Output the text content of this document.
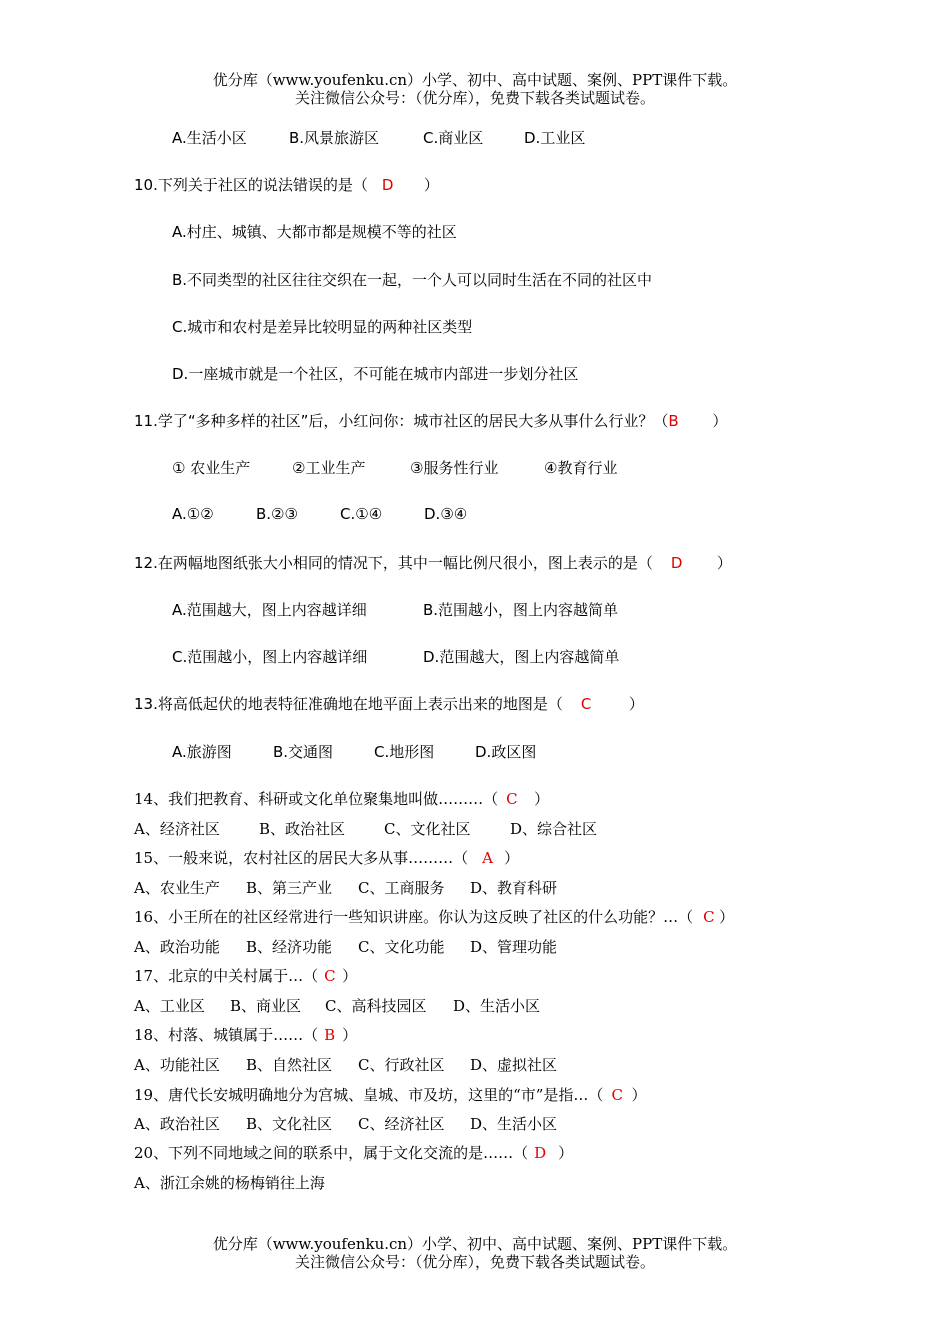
优分库（www.youfenku.cn）小学、初中、高中试题、案例、PPT课件下载。
关注微信公众号：（优分库），免费下载各类试题试卷。
A.生活小区	B.风景旅游区	C.商业区	D.工业区
10.下列关于社区的说法错误的是（ D ）
A.村庄、城镇、大都市都是规模不等的社区
B.不同类型的社区往往交织在一起，一个人可以同时生活在不同的社区中
C.城市和农村是差异比较明显的两种社区类型
D.一座城市就是一个社区，不可能在城市内部进一步划分社区
11.学了“多种多样的社区”后，小红问你：城市社区的居民大多从事什么行业？（B ）
① 农业生产	②工业生产	③服务性行业	④教育行业
A.①②	B.②③	C.①④	D.③④
12.在两幅地图纸张大小相同的情况下，其中一幅比例尺很小，图上表示的是（ D ）
A.范围越大，图上内容越详细	B.范围越小，图上内容越简单
C.范围越小，图上内容越详细	D.范围越大，图上内容越简单
13.将高低起伏的地表特征准确地在地平面上表示出来的地图是（ C	）
A.旅游图	B.交通图	C.地形图	D.政区图
14、我们把教育、科研或文化单位聚集地叫做………（ C ）
A、经济社区	B、政治社区	C、文化社区	D、综合社区
15、一般来说，农村社区的居民大多从事………（ A ）
A、农业生产 B、第三产业 C、工商服务 D、教育科研
16、小王所在的社区经常进行一些知识讲座。你认为这反映了社区的什么功能？…（ C ）
A、政治功能 B、经济功能 C、文化功能 D、管理功能
17、北京的中关村属于…（ C ）
A、工业区 B、商业区 C、高科技园区 D、生活小区
18、村落、城镇属于……（ B ）
A、功能社区 B、自然社区 C、行政社区 D、虚拟社区
19、唐代长安城明确地分为宫城、皇城、市及坊，这里的“市”是指…（ C ）
A、政治社区 B、文化社区 C、经济社区 D、生活小区
20、下列不同地域之间的联系中，属于文化交流的是……（ D ）
A、浙江余姚的杨梅销往上海
优分库（www.youfenku.cn）小学、初中、高中试题、案例、PPT课件下载。
关注微信公众号：（优分库），免费下载各类试题试卷。
